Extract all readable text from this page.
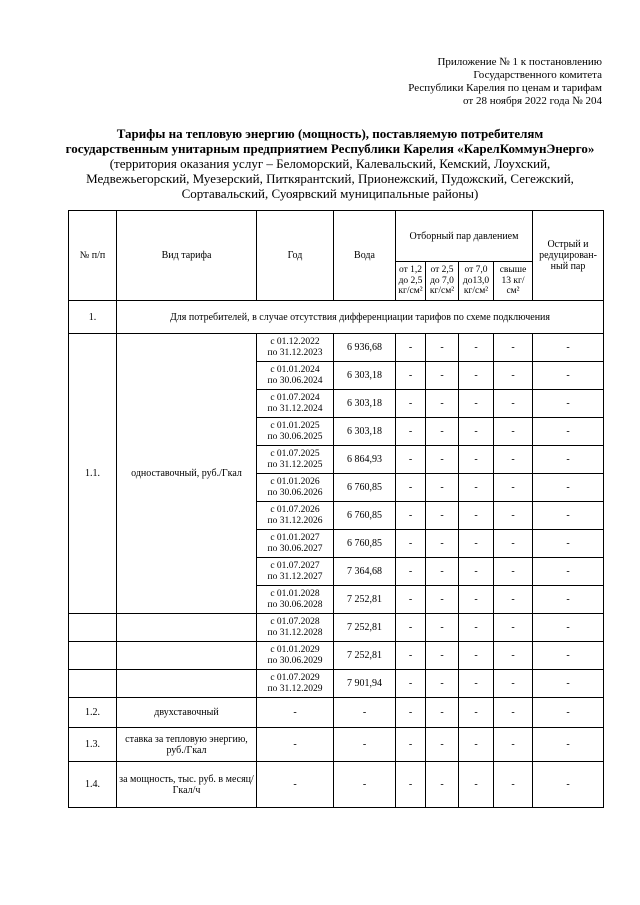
Приложение № 1 к постановлению
Государственного комитета
Республики Карелия по ценам и тарифам
от 28 ноября 2022 года № 204
Тарифы на тепловую энергию (мощность), поставляемую потребителям
государственным унитарным предприятием Республики Карелия «КарелКоммунЭнерго»
(территория оказания услуг – Беломорский, Калевальский, Кемский, Лоухский,
Медвежьегорский, Муезерский, Питкярантский, Прионежский, Пудожский, Сегежский,
Сортавальский, Суоярвский муниципальные районы)
№ п/п	Вид тарифа	Год	Вода	Отборный пар давлением				Острый и редуцирован-ный пар
				от 1,2 до 2,5 кг/см²	от 2,5 до 7,0 кг/см²	от 7,0 до13,0 кг/см²	свыше 13 кг/см²	
1.	Для потребителей, в случае отсутствия дифференциации тарифов по схеме подключения							
1.1.	одноставочный, руб./Гкал	с 01.12.2022
по 31.12.2023	6 936,68	-	-	-	-	-

		с 01.01.2024
по 30.06.2024	6 303,18	-	-	-	-	-

		с 01.07.2024
по 31.12.2024	6 303,18	-	-	-	-	-

		с 01.01.2025
по 30.06.2025	6 303,18	-	-	-	-	-

		с 01.07.2025
по 31.12.2025	6 864,93	-	-	-	-	-

		с 01.01.2026
по 30.06.2026	6 760,85	-	-	-	-	-

		с 01.07.2026
по 31.12.2026	6 760,85	-	-	-	-	-

		с 01.01.2027
по 30.06.2027	6 760,85	-	-	-	-	-

		с 01.07.2027
по 31.12.2027	7 364,68	-	-	-	-	-

		с 01.01.2028
по 30.06.2028	7 252,81	-	-	-	-	-

		с 01.07.2028
по 31.12.2028	7 252,81	-	-	-	-	-

		с 01.01.2029
по 30.06.2029	7 252,81	-	-	-	-	-

		с 01.07.2029
по 31.12.2029	7 901,94	-	-	-	-	-
1.2.	двухставочный	-	-	-	-	-	-	-
1.3.	ставка за тепловую энергию, руб./Гкал	-	-	-	-	-	-	-
1.4.	за мощность, тыс. руб. в месяц/Гкал/ч	-	-	-	-	-	-	-
